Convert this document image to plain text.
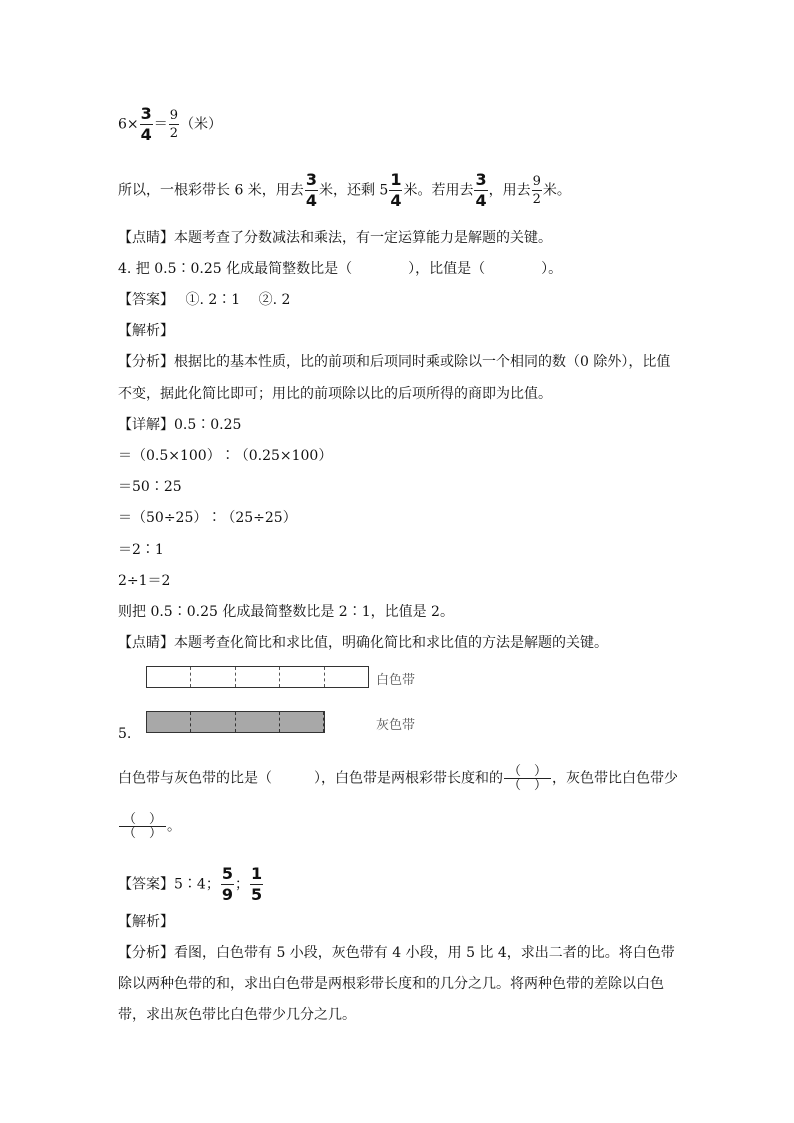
$6\times \frac{3}{4} = \frac{9}{2}$ （米）
所以，一根彩带长 6 米，用去 $\frac{3}{4}$ 米，还剩 $5 \frac{1}{4}$ 米。若用去 $\frac{3}{4}$ ，用去 $\frac{9}{2}$ 米。
【点睛】本题考查了分数减法和乘法，有一定运算能力是解题的关键。
4. 把 0.5∶0.25 化成最简整数比是（　　　　），比值是（　　　　）。
【答案】　 ①. 2∶1　 ②. 2
【解析】
【分析】根据比的基本性质，比的前项和后项同时乘或除以一个相同的数（0 除外），比值
不变，据此化简比即可；用比的前项除以比的后项所得的商即为比值。
【详解】0.5∶0.25
＝（0.5×100）∶（0.25×100）
＝50∶25
＝（50÷25）∶（25÷25）
＝2∶1
2÷1＝2
则把 0.5∶0.25 化成最简整数比是 2∶1，比值是 2。
【点睛】本题考查化简比和求比值，明确化简比和求比值的方法是解题的关键。
白色带
灰色带
5.
白色带与灰色带的比是（　　　），白色带是两根彩带长度和的 $\frac{( )}{( )}$ ，灰色带比白色带少
$\frac{( )}{( )}$ 。
【答案】5∶4； $\frac{5}{9}$ ； $\frac{1}{5}$
【解析】
【分析】看图，白色带有 5 小段，灰色带有 4 小段，用 5 比 4，求出二者的比。将白色带
除以两种色带的和，求出白色带是两根彩带长度和的几分之几。将两种色带的差除以白色
带，求出灰色带比白色带少几分之几。
